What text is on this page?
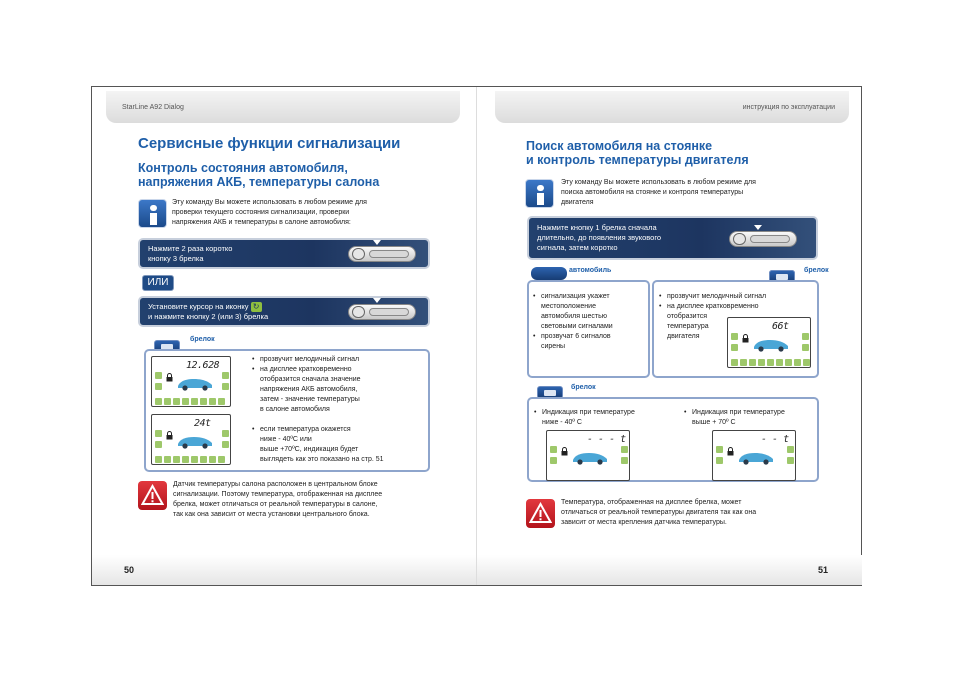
StarLine A92 Dialog
Сервисные функции сигнализации
Контроль состояния автомобиля,
напряжения АКБ, температуры салона
Эту команду Вы можете использовать в любом режиме для
проверки текущего состояния сигнализации, проверки
напряжения АКБ и температуры в салоне автомобиля:
Нажмите 2 раза коротко
кнопку 3 брелка
ИЛИ
Установите курсор на иконку ↻
и нажмите кнопку 2 (или 3) брелка
брелок
12.628
24t
• прозвучит мелодичный сигнал
• на дисплее кратковременно
отобразится сначала значение
напряжения АКБ автомобиля,
затем - значение температуры
в салоне автомобиля
• если температура окажется
ниже - 40ºС или
выше +70ºС, индикация будет
выглядеть как это показано на стр. 51
Датчик температуры салона расположен в центральном блоке
сигнализации. Поэтому температура, отображенная на дисплее
брелка, может отличаться от реальной температуры в салоне,
так как она зависит от места установки центрального блока.
50
инструкция по эксплуатации
Поиск автомобиля на стоянке
и контроль температуры двигателя
Эту команду Вы можете использовать в любом режиме для
поиска автомобиля на стоянке и контроля температуры
двигателя
Нажмите кнопку 1 брелка сначала
длительно, до появления звукового
сигнала, затем коротко
автомобиль
• сигнализация укажет
местоположение
автомобиля шестью
световыми сигналами
• прозвучат 6 сигналов
сирены
брелок
• прозвучит мелодичный сигнал
• на дисплее кратковременно
отобразится
температура
двигателя
66t
брелок
• Индикация при температуре
ниже - 40º С
• Индикация при температуре
выше + 70º С
- - - t	- - t
Температура, отображенная на дисплее брелка, может
отличаться от реальной температуры двигателя так как она
зависит от места крепления датчика температуры.
51
